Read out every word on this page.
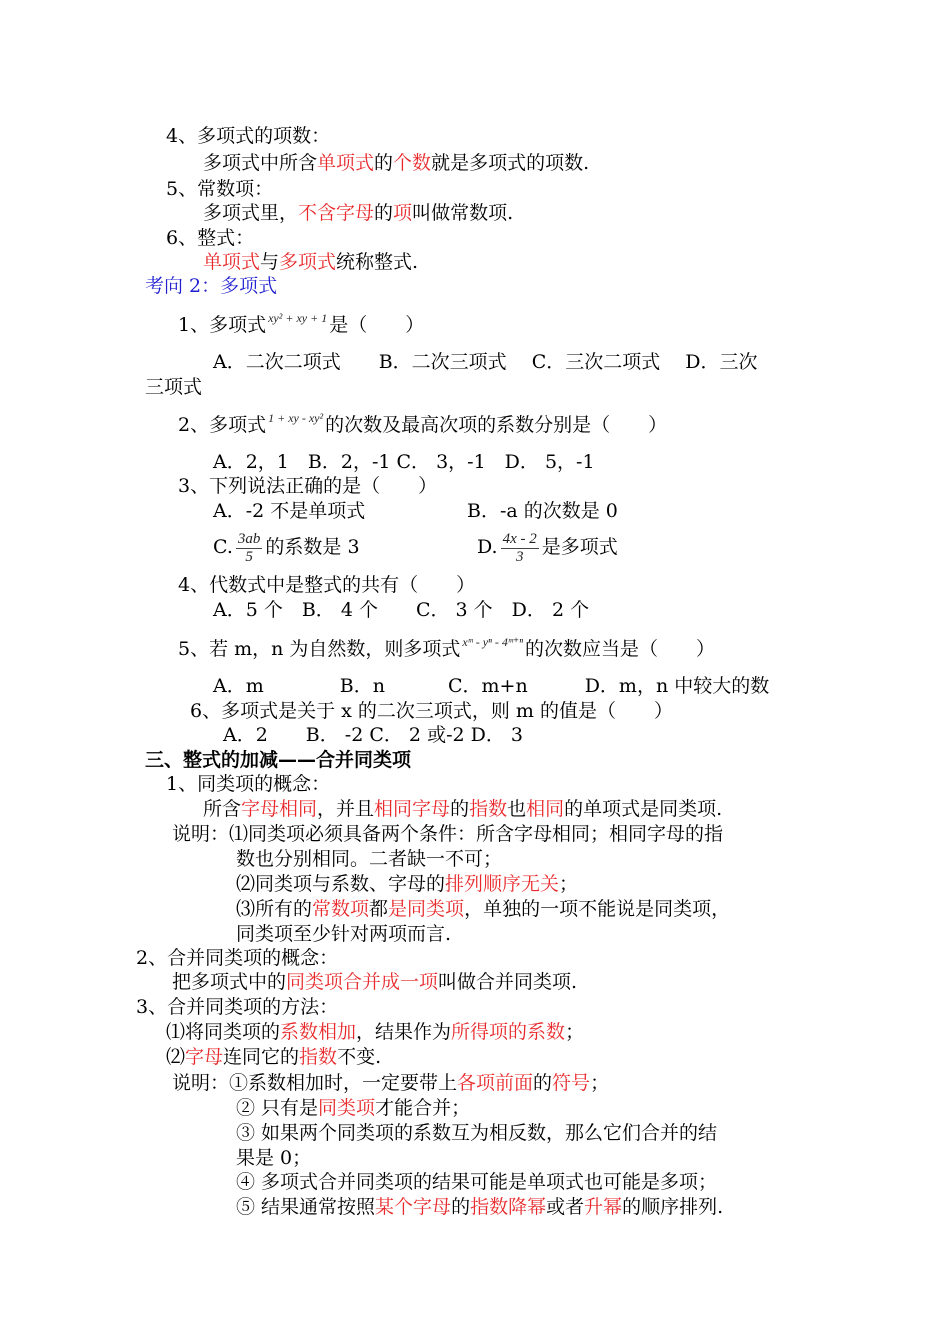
4、多项式的项数：
多项式中所含单项式的个数就是多项式的项数.
5、常数项：
多项式里，不含字母的项叫做常数项.
6、整式：
单项式与多项式统称整式.
考向 2：多项式
1、多项式 $^{xy^2 + xy + 1}$ 是（　　）
A．二次二项式　　B．二次三项式　 C．三次二项式　 D．三次
三项式
2、多项式 $^{1 + xy - xy^2}$ 的次数及最高次项的系数分别是（　　）
A．2，1　B．2，-1 C． 3，-1　D． 5，-1
3、下列说法正确的是（　　）
A．-2 不是单项式	B．-a 的次数是 0
C. $\frac{3ab}{5}$ 的系数是 3	D. $\frac{4x - 2}{3}$ 是多项式
4、代数式中是整式的共有（　　）
A．5 个　B． 4 个　　C． 3 个　D． 2 个
5、若 m，n 为自然数，则多项式 $^{xᵐ - y^n - 4ᵐ^{+n}}$ 的次数应当是（　　）
A．m　　　　B．n　　　 C．m+n　　　D．m，n 中较大的数
6、多项式是关于 x 的二次三项式，则 m 的值是（　　）
A．2　　B． -2 C． 2 或-2 D． 3
三、整式的加减——合并同类项
1、同类项的概念：
所含字母相同，并且相同字母的指数也相同的单项式是同类项.
说明：⑴同类项必须具备两个条件：所含字母相同；相同字母的指
数也分别相同。二者缺一不可；
⑵同类项与系数、字母的排列顺序无关；
⑶所有的常数项都是同类项，单独的一项不能说是同类项，
同类项至少针对两项而言.
2、合并同类项的概念：
把多项式中的同类项合并成一项叫做合并同类项.
3、合并同类项的方法：
⑴将同类项的系数相加，结果作为所得项的系数；
⑵字母连同它的指数不变.
说明：①系数相加时，一定要带上各项前面的符号；
② 只有是同类项才能合并；
③ 如果两个同类项的系数互为相反数，那么它们合并的结
果是 0；
④ 多项式合并同类项的结果可能是单项式也可能是多项；
⑤ 结果通常按照某个字母的指数降幂或者升幂的顺序排列.
